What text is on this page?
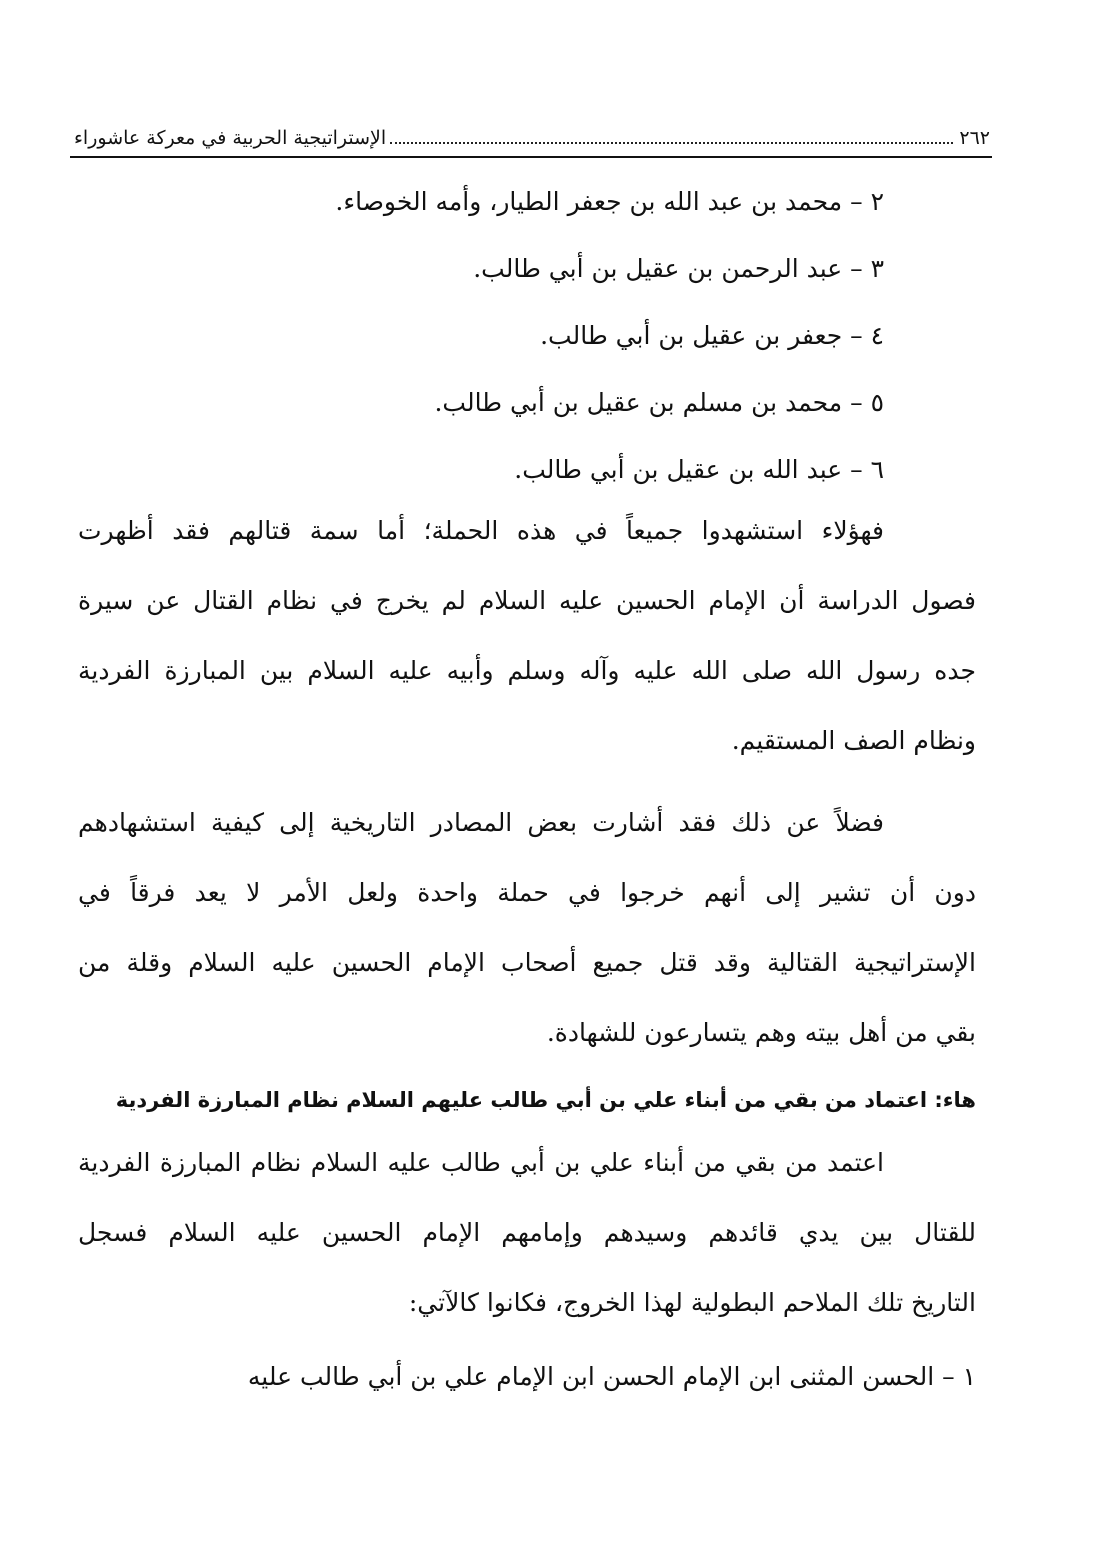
٢٦٢
الإستراتيجية الحربية في معركة عاشوراء
٢ – محمد بن عبد الله بن جعفر الطيار، وأمه الخوصاء.
٣ – عبد الرحمن بن عقيل بن أبي طالب.
٤ – جعفر بن عقيل بن أبي طالب.
٥ – محمد بن مسلم بن عقيل بن أبي طالب.
٦ – عبد الله بن عقيل بن أبي طالب.
فهؤلاء استشهدوا جميعاً في هذه الحملة؛ أما سمة قتالهم فقد أظهرت
فصول الدراسة أن الإمام الحسين عليه السلام لم يخرج في نظام القتال عن سيرة
جده رسول الله صلى الله عليه وآله وسلم وأبيه عليه السلام بين المبارزة الفردية
ونظام الصف المستقيم.
فضلاً عن ذلك فقد أشارت بعض المصادر التاريخية إلى كيفية استشهادهم
دون أن تشير إلى أنهم خرجوا في حملة واحدة ولعل الأمر لا يعد فرقاً في
الإستراتيجية القتالية وقد قتل جميع أصحاب الإمام الحسين عليه السلام وقلة من
بقي من أهل بيته وهم يتسارعون للشهادة.
هاء: اعتماد من بقي من أبناء علي بن أبي طالب عليهم السلام نظام المبارزة الفردية
اعتمد من بقي من أبناء علي بن أبي طالب عليه السلام نظام المبارزة الفردية
للقتال بين يدي قائدهم وسيدهم وإمامهم الإمام الحسين عليه السلام فسجل
التاريخ تلك الملاحم البطولية لهذا الخروج، فكانوا كالآتي:
١ – الحسن المثنى ابن الإمام الحسن ابن الإمام علي بن أبي طالب عليه
